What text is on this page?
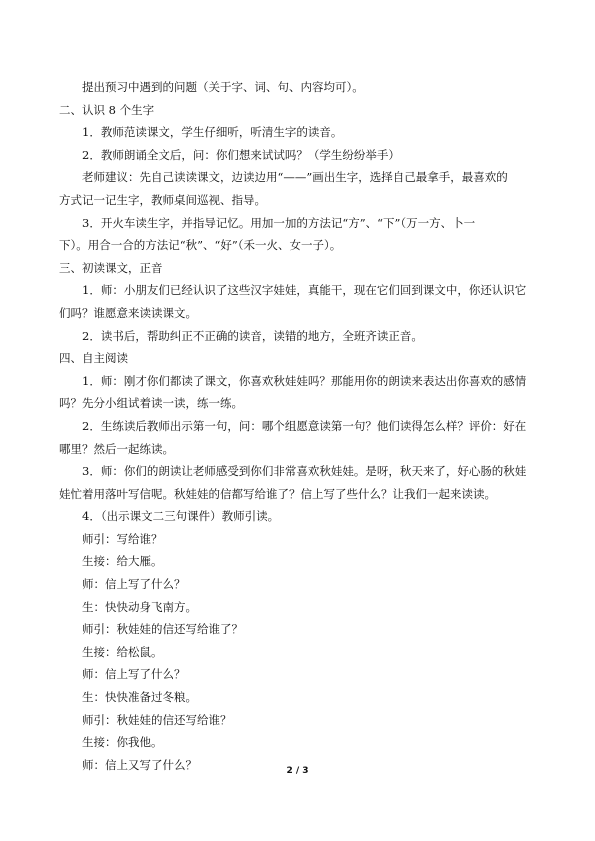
提出预习中遇到的问题（关于字、词、句、内容均可）。
二、认识 8 个生字
1．教师范读课文，学生仔细听，听清生字的读音。
2．教师朗诵全文后，问：你们想来试试吗？（学生纷纷举手）
老师建议：先自己读读课文，边读边用“——”画出生字，选择自己最拿手，最喜欢的
方式记一记生字，教师桌间巡视、指导。
3．开火车读生字，并指导记忆。用加一加的方法记“方”、“下”（万一方、卜一
下）。用合一合的方法记“秋”、“好”（禾一火、女一子）。
三、初读课文，正音
1．师：小朋友们已经认识了这些汉字娃娃，真能干，现在它们回到课文中，你还认识它
们吗？谁愿意来读读课文。
2．读书后，帮助纠正不正确的读音，读错的地方，全班齐读正音。
四、自主阅读
1．师：刚才你们都读了课文，你喜欢秋娃娃吗？那能用你的朗读来表达出你喜欢的感情
吗？先分小组试着读一读，练一练。
2．生练读后教师出示第一句，问：哪个组愿意读第一句？他们读得怎么样？评价：好在
哪里？然后一起练读。
3．师：你们的朗读让老师感受到你们非常喜欢秋娃娃。是呀，秋天来了，好心肠的秋娃
娃忙着用落叶写信呢。秋娃娃的信都写给谁了？信上写了些什么？让我们一起来读读。
4．（出示课文二三句课件）教师引读。
师引：写给谁？
生接：给大雁。
师：信上写了什么？
生：快快动身飞南方。
师引：秋娃娃的信还写给谁了？
生接：给松鼠。
师：信上写了什么？
生：快快准备过冬粮。
师引：秋娃娃的信还写给谁？
生接：你我他。
师：信上又写了什么？	2 / 3
